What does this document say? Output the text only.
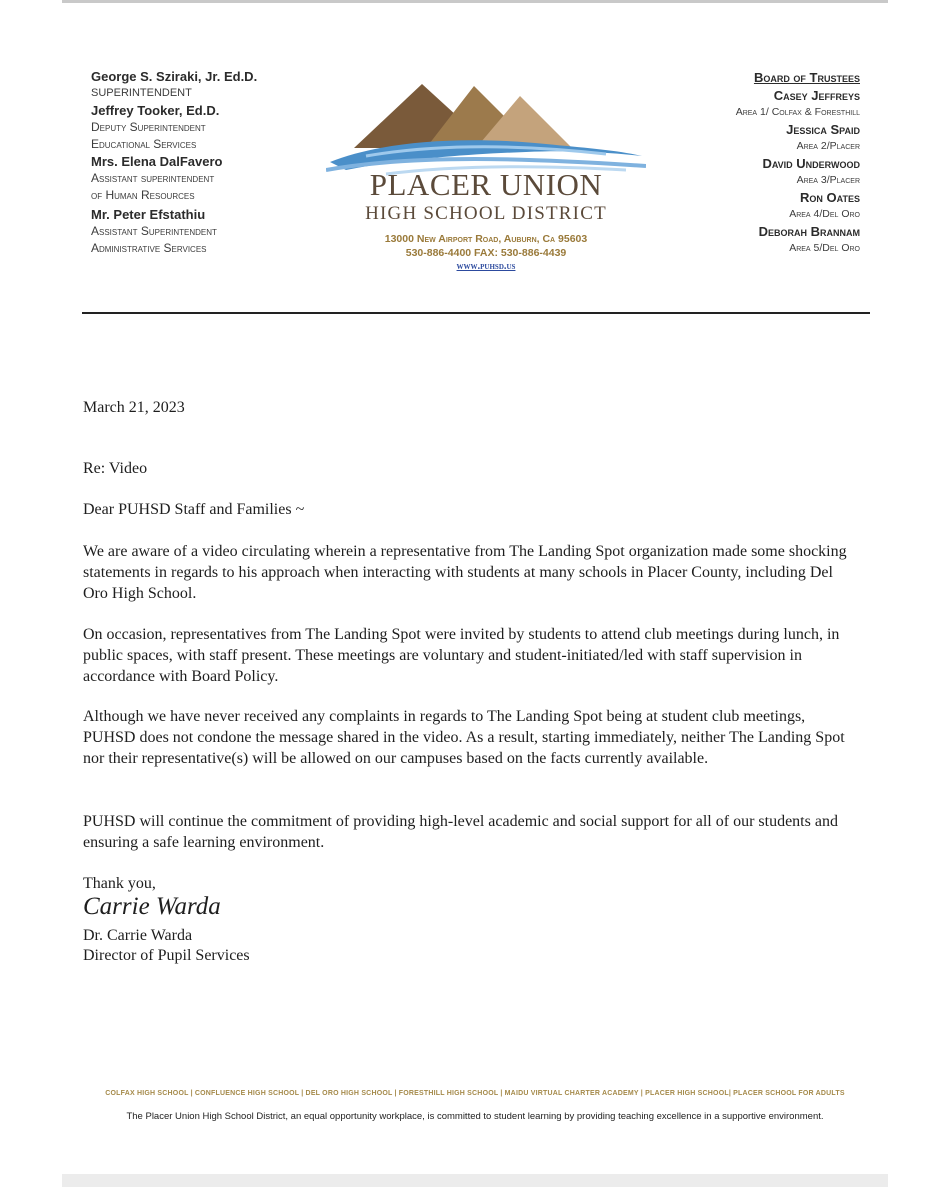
George S. Sziraki, Jr. Ed.D.
SUPERINTENDENT
Jeffrey Tooker, Ed.D.
Deputy Superintendent
Educational Services
Mrs. Elena DalFavero
Assistant superintendent
of Human Resources
Mr. Peter Efstathiu
Assistant Superintendent
Administrative Services
PLACER UNION
HIGH SCHOOL DISTRICT
13000 New Airport Road, Auburn, Ca 95603
530-886-4400 FAX: 530-886-4439
www.puhsd.us
Board of Trustees
Casey Jeffreys
Area 1/ Colfax & Foresthill
Jessica Spaid
Area 2/Placer
David Underwood
Area 3/Placer
Ron Oates
Area 4/Del Oro
Deborah Brannam
Area 5/Del Oro
March 21, 2023
Re: Video
Dear PUHSD Staff and Families ~
We are aware of a video circulating wherein a representative from The Landing Spot organization made some shocking statements in regards to his approach when interacting with students at many schools in Placer County, including Del Oro High School.
On occasion, representatives from The Landing Spot were invited by students to attend club meetings during lunch, in public spaces, with staff present. These meetings are voluntary and student-initiated/led with staff supervision in accordance with Board Policy.
Although we have never received any complaints in regards to The Landing Spot being at student club meetings, PUHSD does not condone the message shared in the video. As a result, starting immediately, neither The Landing Spot nor their representative(s) will be allowed on our campuses based on the facts currently available.
PUHSD will continue the commitment of providing high-level academic and social support for all of our students and ensuring a safe learning environment.
Thank you,
Carrie Warda
Dr. Carrie Warda
Director of Pupil Services
COLFAX HIGH SCHOOL | CONFLUENCE HIGH SCHOOL | DEL ORO HIGH SCHOOL | FORESTHILL HIGH SCHOOL | MAIDU VIRTUAL CHARTER ACADEMY | PLACER HIGH SCHOOL| PLACER SCHOOL FOR ADULTS
The Placer Union High School District, an equal opportunity workplace, is committed to student learning by providing teaching excellence in a supportive environment.
